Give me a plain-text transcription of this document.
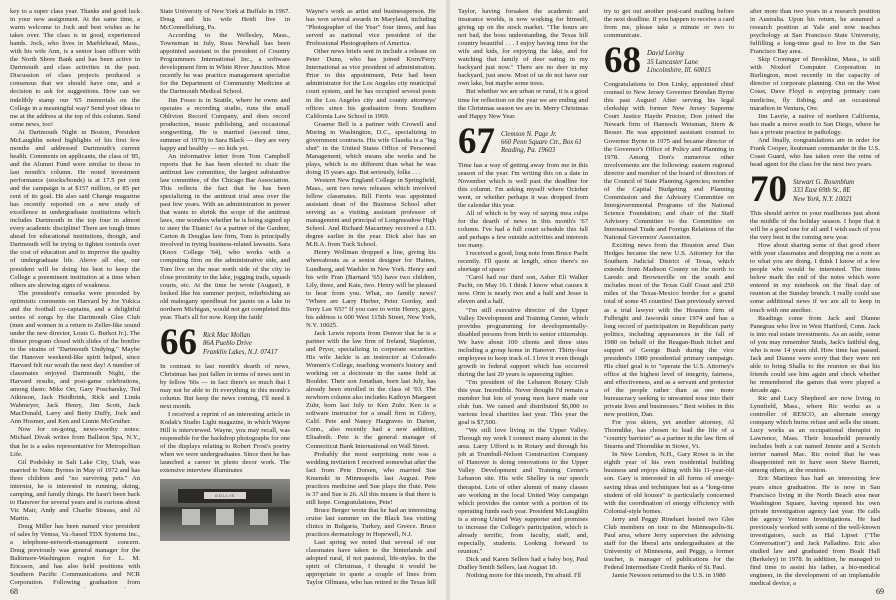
key to a super class year. Thanks and good luck in your new assignment. At the same time, a warm welcome to Jock and best wishes as he takes over. The class is in good, experienced hands. Jock, who lives in Marblehead, Mass., with his wife Ann, is a senior loan officer with the North Shore Bank and has been active in Dartmouth and class activities in the past. Discussion of class projects produced a consensus that we should have one, and a decision to ask for suggestions. How can we indelibly stamp our '65 memorials on the College in a meaningful way? Send your ideas to me at the address at the top of this column. Send some news, too!

At Dartmouth Night in Boston, President McLaughlin noted highlights of his first few months and addressed Dartmouth's current health. Comments on applicants, the class of '85, and the Alumni Fund were similar to those in last month's column. He noted investment performance (stocks/bonds) is at 17.5 per cent and the campaign is at $157 million, or 85 per cent of its goal. He also said Change magazine has recently reported on a new study of excellence in undergraduate institutions which includes Dartmouth in the top four in almost every academic discipline! There are tough times ahead for educational institutions, though, and Dartmouth will be trying to tighten controls over the cost of education and to improve the quality of undergraduate life. Above all else, our president will be doing his best to keep the College a preeminent institution at a time when others are showing signs of weakness.

The president's remarks were preceded by optimistic comments on Harvard by Joe Yukica and the football co-captains, and a delightful series of songs by the Dartmouth Glee Club (men and women in a return to Zeller-like sound under the new director, Louis G. Burkot Jr.). The dinner program closed with slides of the bonfire to the strains of "Dartmouth Undying." Maybe the Hanover weekend-like spirit helped, since Harvard felt our wrath the next day! A number of classmates enjoyed Dartmouth Night, the Harvard results, and post-game celebrations, among them: Mike Orr, Gary Poscharsky, Ted Atkinson, Jack Heidbrink, Rick and Linda Wahmeyer, Jack Henry, Jim Scott, Jack MacDonald, Larry and Betty Duffy, Jock and Ann Hosmer, and Ken and Linnie McGruther.

Now for on-going, news-worthy notes: Michael Divak writes from Ballston Spa, N.Y., that he is a sales representative for Metropolitan Life.

Gil Podolsky in Salt Lake City, Utah, was married to Nanc Byrnes in May of 1972 and has three children and "no surviving pets." An internist, he is interested in running, skiing, camping, and family things. He hasn't been back to Hanover for several years and is curious about Vic Mair, Andy and Charlie Strauss, and Al Martin.

Doug Miller has been named vice president of sales by Vemsa, Va.-based TDX Systems Inc., a telephone-network-management concern. Doug previously was general manager for the Baltimore-Washington region for L. M. Ericsson, and has also held positions with Southern Pacific Communications and NCR Corporation. Following graduation from

State University of New York at Buffalo in 1967. Doug and his wife Heidi live in McConnellsburg, Pa.

According to the Wellesley, Mass., Townsman in July, Russ Newhall has been appointed assistant to the president of Country Programmers International Inc., a software development firm in White River Junction. Most recently he was practice management specialist for the Department of Community Medicine at the Dartmouth Medical School.

Jim Fosso is in Seattle, where he owns and operates a recording studio, runs the small Oblivion Record Company, and does record production, music publishing, and occasional songwriting. He is married (second time, summer of 1979) to Sara Black — they are very happy and healthy — no kids yet.

An informative letter from Tom Campbell reports that he has been elected to chair the antitrust law committee, the largest substantive law committee, of the Chicago Bar Association. This reflects the fact that he has been specializing in the antitrust trial area over the past few years. With an administration in power that wants to shrink the scope of the antitrust laws, one wonders whether he is being signed up to steer the Titanic! As a partner of the Gardner, Carton & Douglas law firm, Tom is principally involved in trying business-related lawsuits. Sara (Knox College '64), who works with a computing firm on the administrative side, and Tom live on the near north side of the city in close proximity to the lake, jogging trails, squash courts, etc. At the time he wrote (August), it looked like his summer project, refurbishing an old mahogany speedboat for jaunts on a lake in northern Michigan, would not get completed this year. That's all for now. Keep the faith!

66 Rick Mac Mollan
86A Pueblo Drive
Franklin Lakes, N.J. 07417

In contrast to last month's dearth of news, Christmas has just fallen in terms of news sent in by fellow '66s — in fact there's so much that I may not be able to fit everything in this month's column. But keep the news coming, I'll need it next month.

I received a reprint of an interesting article in Kodak's Studio Light magazine, in which Wayne Hill is interviewed. Wayne, you may recall, was responsible for the backdrop photographs for one of the displays relating to Robert Frost's poetry when we were undergraduates. Since then he has launched a career in photo decor work. The extensive interview illuminates

GOLLIS

Wayne's work as artist and businessperson. He has won several awards in Maryland, including "Photographer of the Year" four times, and has served as national vice president of the Professional Photographers of America.

Other news briefs sent in include a release on Peter Dunn, who has joined Korn/Ferry International as vice president of administration. Prior to this appointment, Pete had been administrator for the Los Angeles city municipal court system, and he has occupied several posts in the Los Angeles city and county attorneys' offices since his graduation from Southern California Law School in 1969.

Graeme Bell is a partner with Crowell and Moring in Washington, D.C., specializing in government contracts. His wife Claudia is a "big shot" in the United States Office of Personnel Management, which means she works and he plays, which is no different than what he was doing 15 years ago. But seriously, folks . . .

Western New England College in Springfield, Mass., sent two news releases which involved fellow classmates. Bill Ferris was appointed assistant dean of the Business School after serving as a visiting assistant professor of management and principal of Longmeadow High School. And Richard Macartney received a J.D. degree earlier in the year. Dick also has an M.B.A. from Tuck School.

Henry Wollman dropped a line, giving his whereabouts as a senior designer for Haines, Lundberg, and Waehler in New York. Henry and his wife Fran (Barnard '65) have two children, Lily, three, and Kate, two. Henry will be pleased to hear from you. What, no family news? "Where are Larry Herber, Peter Gorday, and Terry Lee '65?" If you care to write Henry, guys, his address is 600 West 115th Street, New York, N.Y. 10025.

Jack Lewis reports from Denver that he is a partner with the law firm of Ireland, Stapleton, and Pryor, specializing in corporate securities. His wife Jackie is an instructor at Colorado Women's College, teaching women's history and working on a doctorate in the same field at Boulder. Their son Jonathan, born last July, has already been enrolled in the class of '03. The newborn column also includes Kathryn Margaret Zuhr, born last July to Ken Zuhr. Ken is a software instructor for a small firm in Gilroy, Calif. Pete and Nancy Hargraves in Darien, Conn., also recently had a new addition, Elisabeth. Pete is the general manager of Connecticut Bank International on Wall Street.

Probably the most surprising note was a wedding invitation I received somewhat after the fact from Pete Dorsen, who married Sue Kmenski in Minneapolis last August. Pete practices medicine and Sue plays the flute. Pete is 37 and Sue is 26. All this means is that there is still hope. Congratulations, Pete!

Bruce Berger wrote that he had an interesting cruise last summer on the Black Sea visiting clinics in Bulgaria, Turkey, and Greece. Bruce practices dermatology in Hopewell, N.J.

Last spring we noted that several of our classmates have taken to the hinterlands and adopted rural, if not pastoral, life-styles. In the spirit of Christmas, I thought it would be appropriate to quote a couple of lines from Taylor Ollmans, who has retired to the Texas hill

68

Taylor, having forsaken the academic and insurance worlds, is now working for himself, giving up on the stock market. "The hours are not bad, the boss understanding, the Texas hill country beautiful . . . I enjoy having time for the wife and kids, for enjoying the lake, and for watching that family of deer eating in my backyard just now." There are no deer in my backyard, just snow. Most of us do not have our own lake, but maybe some trees.

But whether we are urban or rural, it is a good time for reflection on the year we are ending and the Christmas season we are in. Merry Christmas and Happy New Year.

67 Clemson N. Page Jr.
660 Penn Square Ctr., Box 61
Reading, Pa. 19603

Time has a way of getting away from me in this season of the year. I'm writing this on a date in November which is well past the deadline for this column. I'm asking myself where October went, or whether perhaps it was dropped from the calendar this year.

All of which is by way of saying mea culpa for the dearth of news in this month's '67 column. I've had a full court schedule this fall and perhaps a few outside activities and interests too many.

I received a good, long note from Bruce Pacht recently. I'll quote at length, since there's no shortage of space:

"Carol had our third son, Asher Eli Walker Pacht, on May 16. I think I know what causes it now. Orin is nearly two and a half and Jesse is eleven and a half.

"I'm still executive director of the Upper Valley Development and Training Center, which provides programming for developmentally-disabled persons from birth to senior citizenship. We have about 100 clients and three sites including a group home in Hanover. Thirty-four employees to keep track of. I love it even though growth in federal support which has occurred during the last 20 years is squeezing tighter.

"I'm president of the Lebanon Rotary Club this year. Incredible. Never thought I'd remain a member but lots of young men have made our club fun. We raised and distributed $6,000 to various local charities last year. This year the goal is $7,500.

"We still love living in the Upper Valley. Through my work I connect many alumni in the area. Larry Ufford is in Rotary and through his job at Trumbull-Nelson Construction Company of Hanover is doing renovations to the Upper Valley Development and Training Center's Lebanon site. His wife Shelley is our speech therapist. Lots of other alumni of many classes are working in the local United Way campaign which provides the center with a portion of its operating funds each year. President McLaughlin is a strong United Way supporter and promises to increase the College's participation, which is already terrific, from faculty, staff, and, especially, students. Looking forward to reunion."

Dick and Karen Sellers had a baby boy, Paul Dudley Smith Sellers, last August 18.

Nothing more for this month, I'm afraid. I'll

try to get out another post-card mailing before the next deadline. If you happen to receive a card from me, please take a minute or two to communicate.

68 David Loring
35 Lancaster Lane
Lincolnshire, Ill. 60015

Congratulations to Don Linky, appointed chief counsel to New Jersey Governor Brendan Byrne this past August! After serving his legal clerkship with former New Jersey Supreme Court Justice Haydn Proctor, Don joined the Newark firm of Hannoch Weisman, Stern & Besser. He was appointed assistant counsel to Governor Byrne in 1975 and became director of the Governor's Office of Policy and Planning in 1978. Among Don's numerous other involvements are the following: eastern regional director and member of the board of directors of the Council of State Planning Agencies; member of the Capital Budgeting and Planning Commission and the Advisory Committee on Intergovernmental Programs of the National Science Foundation; and chair of the Staff Advisory Committee to the Committee on International Trade and Foreign Relations of the National Governors' Association.

Exciting news from the Houston area! Dan Hedges became the new U.S. Attorney for the Southern Judicial District of Texas, which extends from Madison County on the north to Laredo and Brownsville on the south and includes most of the Texas Gulf Coast and 250 miles of the Texas-Mexico border for a grand total of some 45 counties! Dan previously served as a trial lawyer with the Houston firm of Fulbright and Jaworski since 1974 and has a long record of participation in Republican party politics, including appearances in the fall of 1980 on behalf of the Reagan-Bush ticket and support of George Bush during the vice president's 1980 presidential primary campaign. His chief goal is to "operate the U.S. Attorney's office at the highest level of integrity, fairness, and effectiveness, and as a servant and protector of the people rather than as one more bureaucracy seeking to unwanted nose into their private lives and businesses." Best wishes in this new position, Dan.

For you skiers, yet another attorney, Al Thorndike, has chosen to lead the life of a "country barrister" as a partner in the law firm of Stearns and Thorndike in Stowe, Vt.

In New London, N.H., Gary Rowe is in the eighth year of his own residential building business and enjoys skiing with his 11-year-old son. Gary is interested in all forms of energy-saving ideas and techniques but as a "long-time student of old houses" is particularly concerned with the coordination of energy efficiency with Colonial-style homes.

Jerry and Peggy Rinehart hosted two Glee Club members on tour in the Minneapolis-St. Paul area, where Jerry supervises the advising staff for the liberal arts undergraduates at the University of Minnesota, and Peggy, a former teacher, is manager of publications for the Federal Intermediate Credit Banks of St. Paul.

Jamie Newson returned to the U.S. in 1980

after more than two years in a research position in Australia. Upon his return, he assumed a research position at Yale and now teaches psychology at San Francisco State University, fulfilling a long-time goal to live in the San Francisco Bay area.

Skip Croninger of Brookline, Mass., is still with Nixdorf Computer Corporation in Burlington, most recently in the capacity of director of corporate planning. Out on the West Coast, Dave Floyd is enjoying primary care medicine, fly fishing, and an occasional marathon in Ventura, Ore.

Jim Lavrie, a native of northern California, has made a move south to San Diego, where he has a private practice in pathology.

And finally, congratulations are in order for Frank Cooper, lieutenant commander in the U.S. Coast Guard, who has taken over the reins of head agent for the class for the next two years.

70 Stewart G. Rosenblum
333 East 69th St., 8E
New York, N.Y. 10021

This should arrive in your mailboxes just about the middle of the holiday season. I hope that it will be a good one for all and I wish each of you the very best in the coming new year.

How about sharing some of that good cheer with your classmates and dropping me a note as to what you are doing. I think I know of a few people who would be interested. The items below mark the end of the notes which were entered in my notebook on the final day of reunion at the Sunday brunch. I really could use some additional news if we are all to keep in touch with one another.

Readings come from Jack and Dianne Panegrau who live in West Hartford, Conn. Jack is into real estate investments. As an aside, some of you may remember Studs, Jack's faithful dog, who is now 14 years old. How time has passed. Jack and Dianne were sorry that they were not able to bring Shalla to the reunion so that his friends could see him again and check whether he remembered the games that were played a decade ago.

Ric and Lucy Shepherd are now living in Lynnfield, Mass., where Ric works as a controller of RESCO, an alternate energy company which burns refuse and sells the steam. Lucy works as an occupational therapist in Lawrence, Mass. Their household presently includes both a cat named Jennie and a Scotch terrier named Mac. Ric noted that he was disappointed not to have seen Steve Barrett, among others, at the reunion.

Eric Martinez has had an interesting few years since graduation. He is now in San Francisco living in the North Beach area near Washington Square, having opened his own private investigation agency last year. He calls the agency Venture Investigations. He had previously worked with some of the well-known investigators, such as Hal Lipset ("The Conversation") and Jack Palladino. Eric also studied law and graduated from Boalt Hall (Berkeley) in 1978. In addition, he managed to find time to assist his father, a bio-medical engineer, in the development of an implantable medical device, a

69
